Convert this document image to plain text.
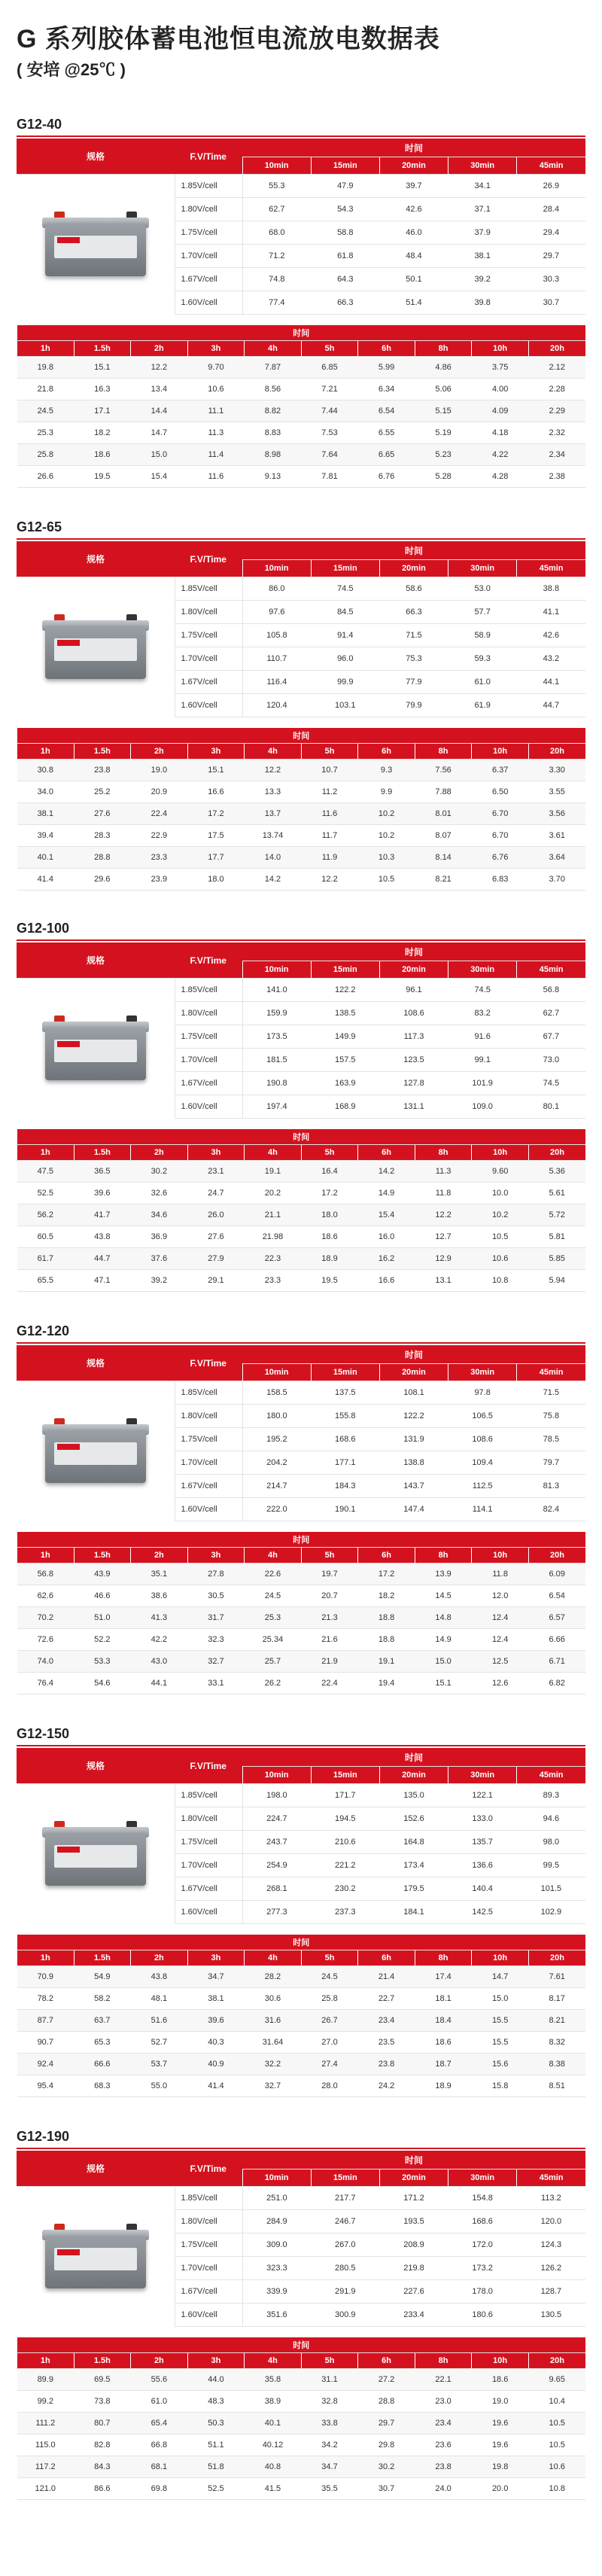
G 系列胶体蓄电池恒电流放电数据表
( 安培 @25℃ )
G12-40
规格	F.V/Time	时间				
		10min	15min	20min	30min	45min

	1.85V/cell	55.3	47.9	39.7	34.1	26.9
	1.80V/cell	62.7	54.3	42.6	37.1	28.4
	1.75V/cell	68.0	58.8	46.0	37.9	29.4
	1.70V/cell	71.2	61.8	48.4	38.1	29.7
	1.67V/cell	74.8	64.3	50.1	39.2	30.3
	1.60V/cell	77.4	66.3	51.4	39.8	30.7
时间									
1h	1.5h	2h	3h	4h	5h	6h	8h	10h	20h
19.8	15.1	12.2	9.70	7.87	6.85	5.99	4.86	3.75	2.12
21.8	16.3	13.4	10.6	8.56	7.21	6.34	5.06	4.00	2.28
24.5	17.1	14.4	11.1	8.82	7.44	6.54	5.15	4.09	2.29
25.3	18.2	14.7	11.3	8.83	7.53	6.55	5.19	4.18	2.32
25.8	18.6	15.0	11.4	8.98	7.64	6.65	5.23	4.22	2.34
26.6	19.5	15.4	11.6	9.13	7.81	6.76	5.28	4.28	2.38
G12-65
规格	F.V/Time	时间				
		10min	15min	20min	30min	45min

	1.85V/cell	86.0	74.5	58.6	53.0	38.8
	1.80V/cell	97.6	84.5	66.3	57.7	41.1
	1.75V/cell	105.8	91.4	71.5	58.9	42.6
	1.70V/cell	110.7	96.0	75.3	59.3	43.2
	1.67V/cell	116.4	99.9	77.9	61.0	44.1
	1.60V/cell	120.4	103.1	79.9	61.9	44.7
时间									
1h	1.5h	2h	3h	4h	5h	6h	8h	10h	20h
30.8	23.8	19.0	15.1	12.2	10.7	9.3	7.56	6.37	3.30
34.0	25.2	20.9	16.6	13.3	11.2	9.9	7.88	6.50	3.55
38.1	27.6	22.4	17.2	13.7	11.6	10.2	8.01	6.70	3.56
39.4	28.3	22.9	17.5	13.74	11.7	10.2	8.07	6.70	3.61
40.1	28.8	23.3	17.7	14.0	11.9	10.3	8.14	6.76	3.64
41.4	29.6	23.9	18.0	14.2	12.2	10.5	8.21	6.83	3.70
G12-100
规格	F.V/Time	时间				
		10min	15min	20min	30min	45min

	1.85V/cell	141.0	122.2	96.1	74.5	56.8
	1.80V/cell	159.9	138.5	108.6	83.2	62.7
	1.75V/cell	173.5	149.9	117.3	91.6	67.7
	1.70V/cell	181.5	157.5	123.5	99.1	73.0
	1.67V/cell	190.8	163.9	127.8	101.9	74.5
	1.60V/cell	197.4	168.9	131.1	109.0	80.1
时间									
1h	1.5h	2h	3h	4h	5h	6h	8h	10h	20h
47.5	36.5	30.2	23.1	19.1	16.4	14.2	11.3	9.60	5.36
52.5	39.6	32.6	24.7	20.2	17.2	14.9	11.8	10.0	5.61
56.2	41.7	34.6	26.0	21.1	18.0	15.4	12.2	10.2	5.72
60.5	43.8	36.9	27.6	21.98	18.6	16.0	12.7	10.5	5.81
61.7	44.7	37.6	27.9	22.3	18.9	16.2	12.9	10.6	5.85
65.5	47.1	39.2	29.1	23.3	19.5	16.6	13.1	10.8	5.94
G12-120
规格	F.V/Time	时间				
		10min	15min	20min	30min	45min

	1.85V/cell	158.5	137.5	108.1	97.8	71.5
	1.80V/cell	180.0	155.8	122.2	106.5	75.8
	1.75V/cell	195.2	168.6	131.9	108.6	78.5
	1.70V/cell	204.2	177.1	138.8	109.4	79.7
	1.67V/cell	214.7	184.3	143.7	112.5	81.3
	1.60V/cell	222.0	190.1	147.4	114.1	82.4
时间									
1h	1.5h	2h	3h	4h	5h	6h	8h	10h	20h
56.8	43.9	35.1	27.8	22.6	19.7	17.2	13.9	11.8	6.09
62.6	46.6	38.6	30.5	24.5	20.7	18.2	14.5	12.0	6.54
70.2	51.0	41.3	31.7	25.3	21.3	18.8	14.8	12.4	6.57
72.6	52.2	42.2	32.3	25.34	21.6	18.8	14.9	12.4	6.66
74.0	53.3	43.0	32.7	25.7	21.9	19.1	15.0	12.5	6.71
76.4	54.6	44.1	33.1	26.2	22.4	19.4	15.1	12.6	6.82
G12-150
规格	F.V/Time	时间				
		10min	15min	20min	30min	45min

	1.85V/cell	198.0	171.7	135.0	122.1	89.3
	1.80V/cell	224.7	194.5	152.6	133.0	94.6
	1.75V/cell	243.7	210.6	164.8	135.7	98.0
	1.70V/cell	254.9	221.2	173.4	136.6	99.5
	1.67V/cell	268.1	230.2	179.5	140.4	101.5
	1.60V/cell	277.3	237.3	184.1	142.5	102.9
时间									
1h	1.5h	2h	3h	4h	5h	6h	8h	10h	20h
70.9	54.9	43.8	34.7	28.2	24.5	21.4	17.4	14.7	7.61
78.2	58.2	48.1	38.1	30.6	25.8	22.7	18.1	15.0	8.17
87.7	63.7	51.6	39.6	31.6	26.7	23.4	18.4	15.5	8.21
90.7	65.3	52.7	40.3	31.64	27.0	23.5	18.6	15.5	8.32
92.4	66.6	53.7	40.9	32.2	27.4	23.8	18.7	15.6	8.38
95.4	68.3	55.0	41.4	32.7	28.0	24.2	18.9	15.8	8.51
G12-190
规格	F.V/Time	时间				
		10min	15min	20min	30min	45min

	1.85V/cell	251.0	217.7	171.2	154.8	113.2
	1.80V/cell	284.9	246.7	193.5	168.6	120.0
	1.75V/cell	309.0	267.0	208.9	172.0	124.3
	1.70V/cell	323.3	280.5	219.8	173.2	126.2
	1.67V/cell	339.9	291.9	227.6	178.0	128.7
	1.60V/cell	351.6	300.9	233.4	180.6	130.5
时间									
1h	1.5h	2h	3h	4h	5h	6h	8h	10h	20h
89.9	69.5	55.6	44.0	35.8	31.1	27.2	22.1	18.6	9.65
99.2	73.8	61.0	48.3	38.9	32.8	28.8	23.0	19.0	10.4
111.2	80.7	65.4	50.3	40.1	33.8	29.7	23.4	19.6	10.5
115.0	82.8	66.8	51.1	40.12	34.2	29.8	23.6	19.6	10.5
117.2	84.3	68.1	51.8	40.8	34.7	30.2	23.8	19.8	10.6
121.0	86.6	69.8	52.5	41.5	35.5	30.7	24.0	20.0	10.8
